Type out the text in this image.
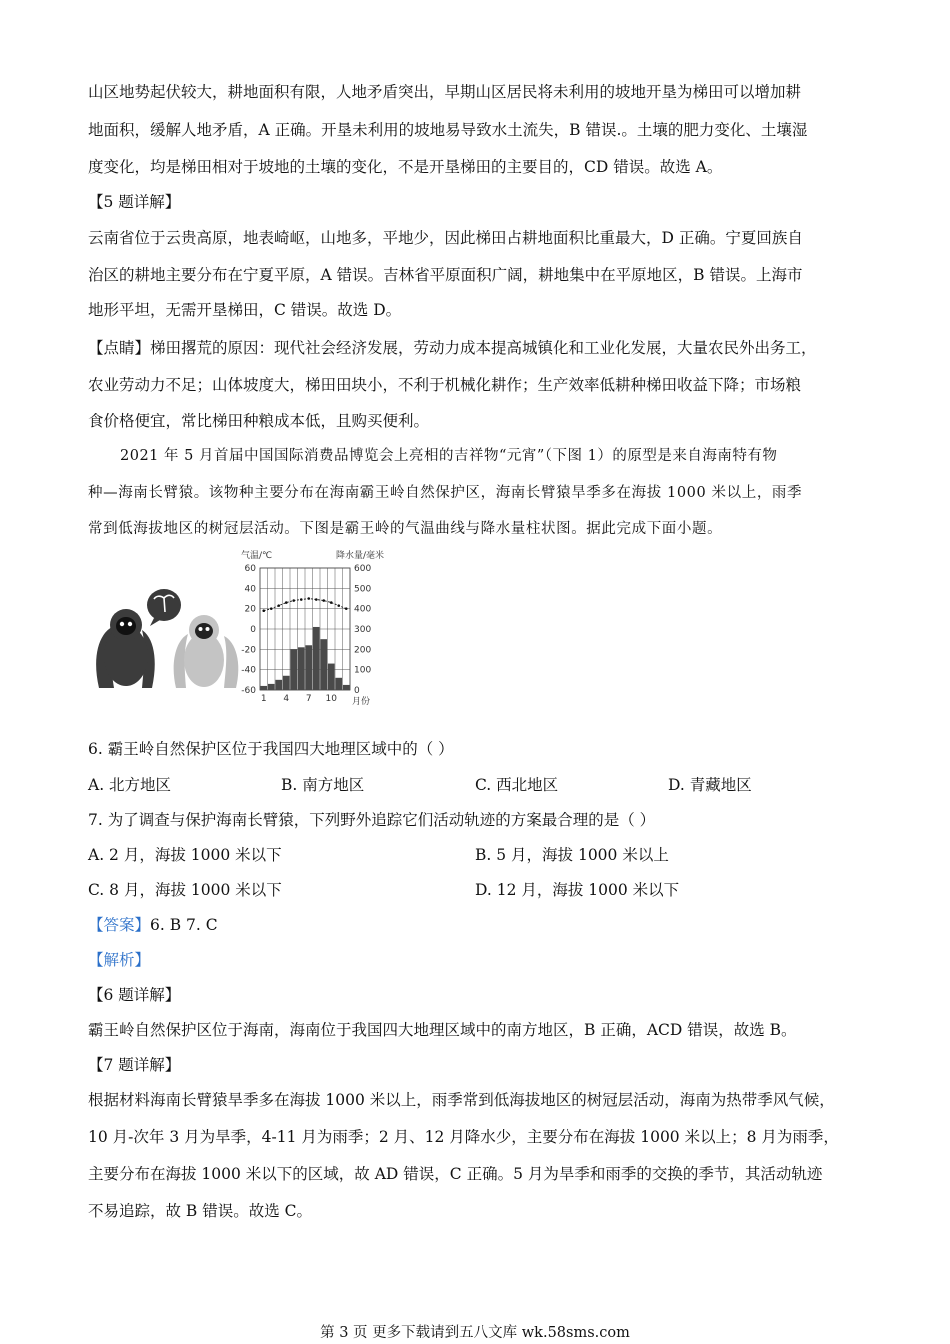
山区地势起伏较大，耕地面积有限，人地矛盾突出，早期山区居民将未利用的坡地开垦为梯田可以增加耕
地面积，缓解人地矛盾，A 正确。开垦未利用的坡地易导致水土流失，B 错误.。土壤的肥力变化、土壤湿
度变化，均是梯田相对于坡地的土壤的变化，不是开垦梯田的主要目的，CD 错误。故选 A。
【5 题详解】
云南省位于云贵高原，地表崎岖，山地多，平地少，因此梯田占耕地面积比重最大，D 正确。宁夏回族自
治区的耕地主要分布在宁夏平原，A 错误。吉林省平原面积广阔，耕地集中在平原地区，B 错误。上海市
地形平坦，无需开垦梯田，C 错误。故选 D。
【点睛】梯田撂荒的原因：现代社会经济发展，劳动力成本提高城镇化和工业化发展，大量农民外出务工，
农业劳动力不足；山体坡度大，梯田田块小，不利于机械化耕作；生产效率低耕种梯田收益下降；市场粮
食价格便宜，常比梯田种粮成本低，且购买便利。
2021 年 5 月首届中国国际消费品博览会上亮相的吉祥物“元宵”（下图 1）的原型是来自海南特有物
种—海南长臂猿。该物种主要分布在海南霸王岭自然保护区，海南长臂猿旱季多在海拔 1000 米以上，雨季
常到低海拔地区的树冠层活动。下图是霸王岭的气温曲线与降水量柱状图。据此完成下面小题。
气温/℃	降水量/毫米
月份
60	600
40	500
20	400
0	300
-20	200
-40	100
-60	0
1 4 7 10
6. 霸王岭自然保护区位于我国四大地理区域中的（ ）
A. 北方地区	B. 南方地区	C. 西北地区	D. 青藏地区
7. 为了调查与保护海南长臂猿，下列野外追踪它们活动轨迹的方案最合理的是（ ）
A. 2 月，海拔 1000 米以下	B. 5 月，海拔 1000 米以上
C. 8 月，海拔 1000 米以下	D. 12 月，海拔 1000 米以下
【答案】6. B 7. C
【解析】
【6 题详解】
霸王岭自然保护区位于海南，海南位于我国四大地理区域中的南方地区，B 正确，ACD 错误，故选 B。
【7 题详解】
根据材料海南长臂猿旱季多在海拔 1000 米以上，雨季常到低海拔地区的树冠层活动，海南为热带季风气候，
10 月-次年 3 月为旱季，4-11 月为雨季；2 月、12 月降水少，主要分布在海拔 1000 米以上；8 月为雨季，
主要分布在海拔 1000 米以下的区域，故 AD 错误，C 正确。5 月为旱季和雨季的交换的季节，其活动轨迹
不易追踪，故 B 错误。故选 C。
第 3 页 更多下载请到五八文库 wk.58sms.com
